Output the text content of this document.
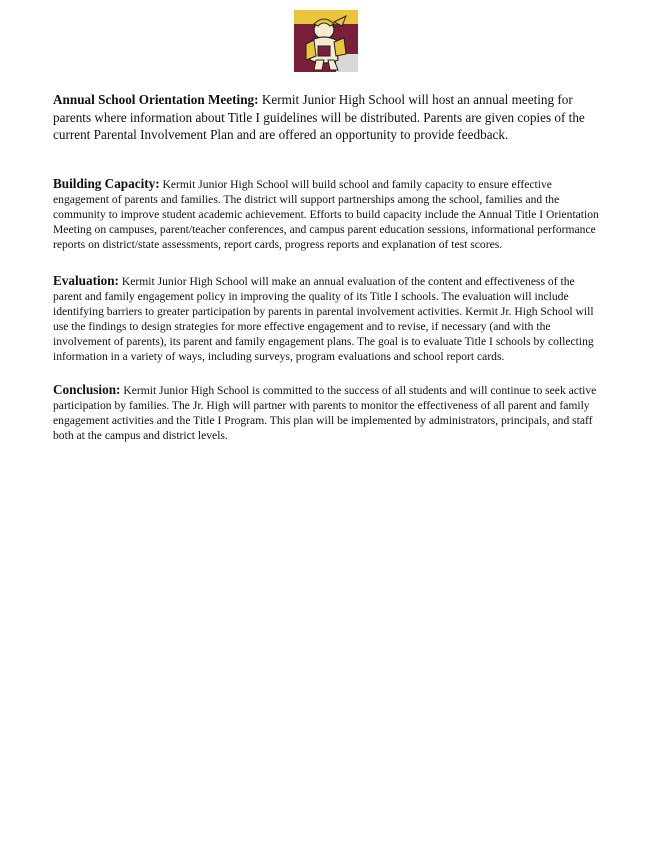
Annual School Orientation Meeting: Kermit Junior High School will host an annual meeting for parents where information about Title I guidelines will be distributed. Parents are given copies of the current Parental Involvement Plan and are offered an opportunity to provide feedback.

Building Capacity: Kermit Junior High School will build school and family capacity to ensure effective engagement of parents and families. The district will support partnerships among the school, families and the community to improve student academic achievement. Efforts to build capacity include the Annual Title I Orientation Meeting on campuses, parent/teacher conferences, and campus parent education sessions, informational performance reports on district/state assessments, report cards, progress reports and explanation of test scores.

Evaluation: Kermit Junior High School will make an annual evaluation of the content and effectiveness of the parent and family engagement policy in improving the quality of its Title I schools. The evaluation will include identifying barriers to greater participation by parents in parental involvement activities. Kermit Jr. High School will use the findings to design strategies for more effective engagement and to revise, if necessary (and with the involvement of parents), its parent and family engagement plans. The goal is to evaluate Title I schools by collecting information in a variety of ways, including surveys, program evaluations and school report cards.

Conclusion: Kermit Junior High School is committed to the success of all students and will continue to seek active participation by families. The Jr. High will partner with parents to monitor the effectiveness of all parent and family engagement activities and the Title I Program. This plan will be implemented by administrators, principals, and staff both at the campus and district levels.
